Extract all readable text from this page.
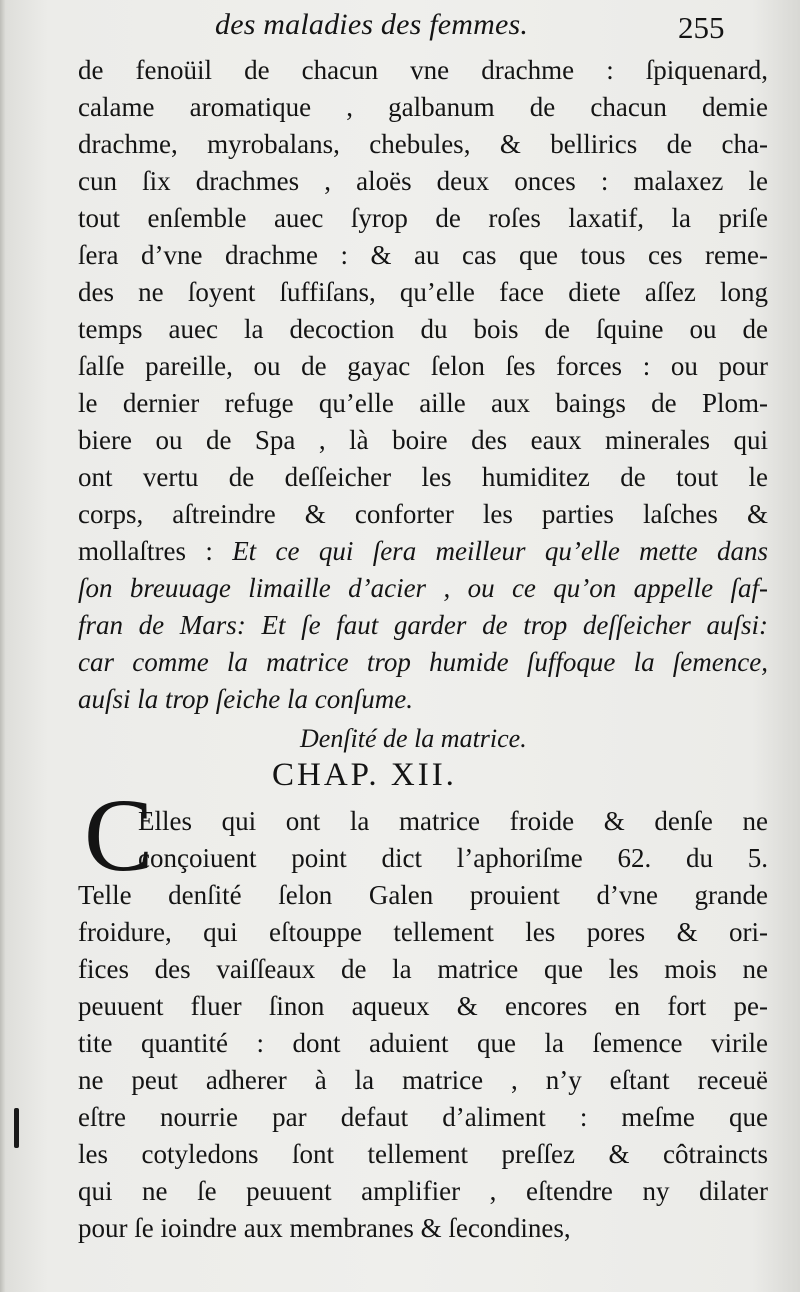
des maladies des femmes.	255
de fenoüil de chacun vne drachme : ſpiquenard,
calame aromatique , galbanum de chacun demie
drachme, myrobalans, chebules, & bellirics de cha-
cun ſix drachmes , aloës deux onces : malaxez le
tout enſemble auec ſyrop de roſes laxatif, la priſe
ſera d’vne drachme : & au cas que tous ces reme-
des ne ſoyent ſuffiſans, qu’elle face diete aſſez long
temps auec la decoction du bois de ſquine ou de
ſalſe pareille, ou de gayac ſelon ſes forces : ou pour
le dernier refuge qu’elle aille aux baings de Plom-
biere ou de Spa , là boire des eaux minerales qui
ont vertu de deſſeicher les humiditez de tout le
corps, aſtreindre & conforter les parties laſches &
mollaſtres : Et ce qui ſera meilleur qu’elle mette dans
ſon breuuage limaille d’acier , ou ce qu’on appelle ſaf-
fran de Mars: Et ſe faut garder de trop deſſeicher auſsi:
car comme la matrice trop humide ſuffoque la ſemence,
auſsi la trop ſeiche la conſume.
Denſité de la matrice.
CHAP. XII.
C
Elles qui ont la matrice froide & denſe ne
conçoiuent point dict l’aphoriſme 62. du 5.
Telle denſité ſelon Galen prouient d’vne grande
froidure, qui eſtouppe tellement les pores & ori-
fices des vaiſſeaux de la matrice que les mois ne
peuuent fluer ſinon aqueux & encores en fort pe-
tite quantité : dont aduient que la ſemence virile
ne peut adherer à la matrice , n’y eſtant receuë
eſtre nourrie par defaut d’aliment : meſme que
les cotyledons ſont tellement preſſez & côtraincts
qui ne ſe peuuent amplifier , eſtendre ny dilater
pour ſe ioindre aux membranes & ſecondines,
